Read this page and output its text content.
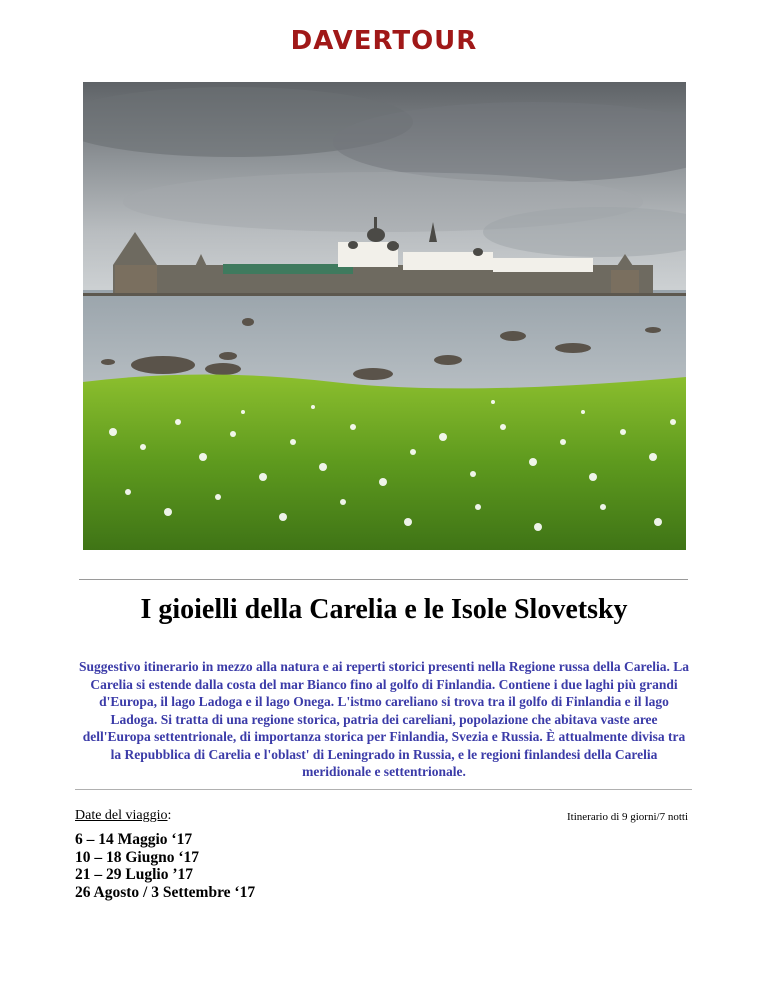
DAVERTOUR
I gioielli della Carelia e le Isole Slovetsky
Suggestivo itinerario in mezzo alla natura e ai reperti storici presenti nella Regione russa della Carelia. La Carelia si estende dalla costa del mar Bianco fino al golfo di Finlandia. Contiene i due laghi più grandi d'Europa, il lago Ladoga e il lago Onega. L'istmo careliano si trova tra il golfo di Finlandia e il lago Ladoga. Si tratta di una regione storica, patria dei careliani, popolazione che abitava vaste aree dell'Europa settentrionale, di importanza storica per Finlandia, Svezia e Russia. È attualmente divisa tra la Repubblica di Carelia e l'oblast' di Leningrado in Russia, e le regioni finlandesi della Carelia meridionale e settentrionale.
Date del viaggio:	Itinerario di 9 giorni/7 notti
6 – 14 Maggio ‘17
10 – 18 Giugno ‘17
21 – 29 Luglio ’17
26 Agosto / 3 Settembre ‘17
